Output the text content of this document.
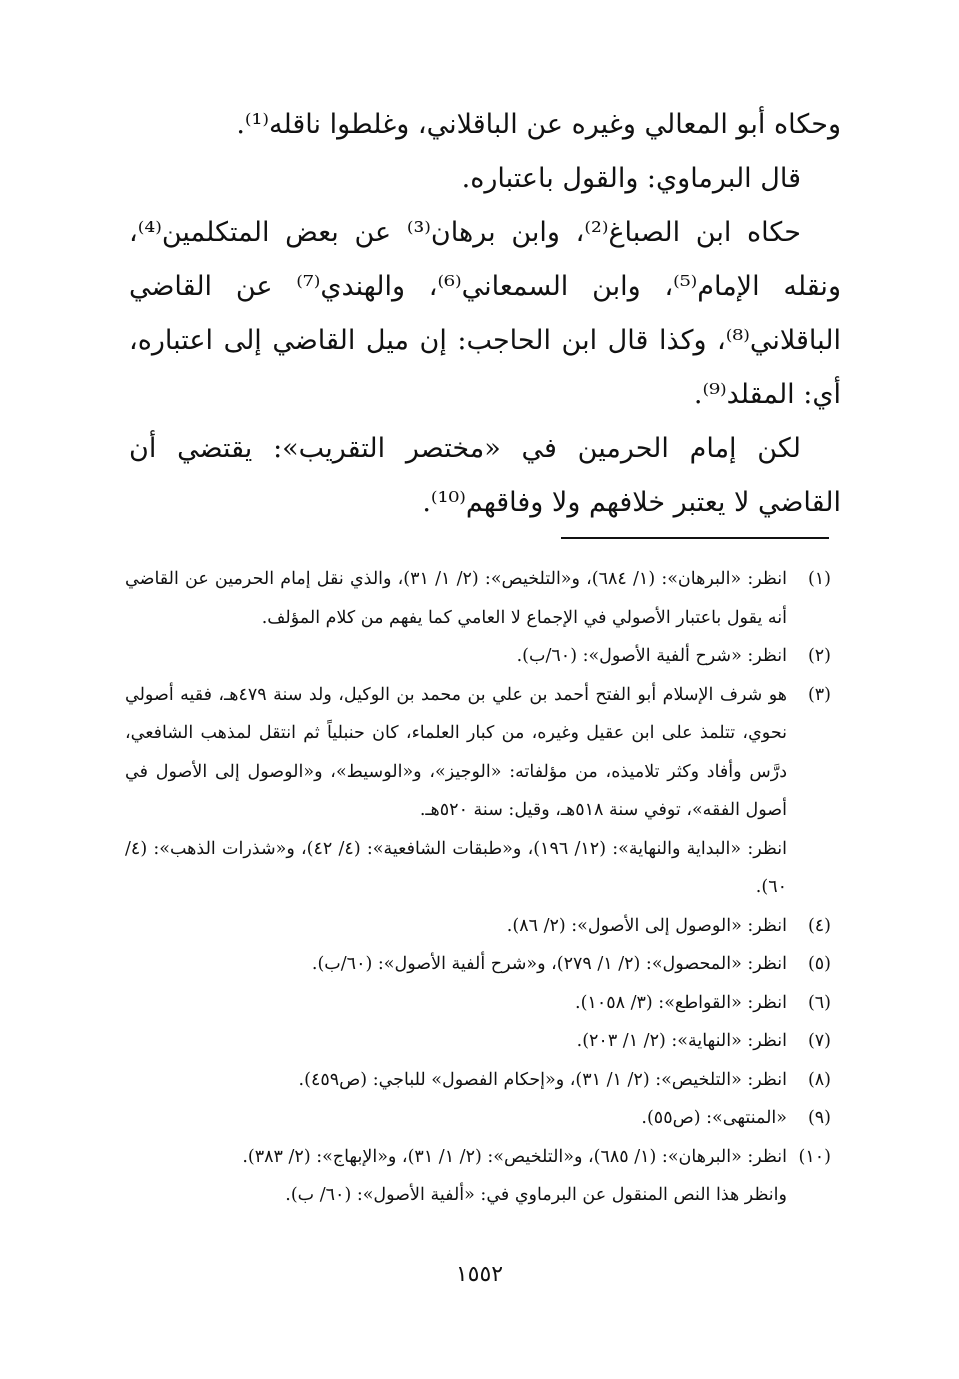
وحكاه أبو المعالي وغيره عن الباقلاني، وغلطوا ناقله⁽¹⁾.

قال البرماوي: والقول باعتباره.

حكاه ابن الصباغ⁽²⁾، وابن برهان⁽³⁾ عن بعض المتكلمين⁽⁴⁾، ونقله الإمام⁽⁵⁾، وابن السمعاني⁽⁶⁾، والهندي⁽⁷⁾ عن القاضي الباقلاني⁽⁸⁾، وكذا قال ابن الحاجب: إن ميل القاضي إلى اعتباره، أي: المقلد⁽⁹⁾.

لكن إمام الحرمين في «مختصر التقريب»: يقتضي أن القاضي لا يعتبر خلافهم ولا وفاقهم⁽¹⁰⁾.

(١)
انظر: «البرهان»: (١/ ٦٨٤)، و«التلخيص»: (٢/ ١/ ٣١)، والذي نقل إمام الحرمين عن القاضي أنه يقول باعتبار الأصولي في الإجماع لا العامي كما يفهم من كلام المؤلف.
(٢)
انظر: «شرح ألفية الأصول»: (٦٠/ب).
(٣)
هو شرف الإسلام أبو الفتح أحمد بن علي بن محمد بن الوكيل، ولد سنة ٤٧٩هـ، فقيه أصولي نحوي، تتلمذ على ابن عقيل وغيره، من كبار العلماء، كان حنبلياً ثم انتقل لمذهب الشافعي، درَّس وأفاد وكثر تلاميذه، من مؤلفاته: «الوجيز»، و«الوسيط»، و«الوصول إلى الأصول في أصول الفقه»، توفي سنة ٥١٨هـ، وقيل: سنة ٥٢٠هـ.
انظر: «البداية والنهاية»: (١٢/ ١٩٦)، و«طبقات الشافعية»: (٤/ ٤٢)، و«شذرات الذهب»: (٤/ ٦٠).
(٤)
انظر: «الوصول إلى الأصول»: (٢/ ٨٦).
(٥)
انظر: «المحصول»: (٢/ ١/ ٢٧٩)، و«شرح ألفية الأصول»: (٦٠/ب).
(٦)
انظر: «القواطع»: (٣/ ١٠٥٨).
(٧)
انظر: «النهاية»: (٢/ ١/ ٢٠٣).
(٨)
انظر: «التلخيص»: (٢/ ١/ ٣١)، و«إحكام الفصول» للباجي: (ص٤٥٩).
(٩)
«المنتهى»: (ص٥٥).
(١٠)
انظر: «البرهان»: (١/ ٦٨٥)، و«التلخيص»: (٢/ ١/ ٣١)، و«الإبهاج»: (٢/ ٣٨٣).
وانظر هذا النص المنقول عن البرماوي في: «ألفية الأصول»: (٦٠/ ب).
١٥٥٢
